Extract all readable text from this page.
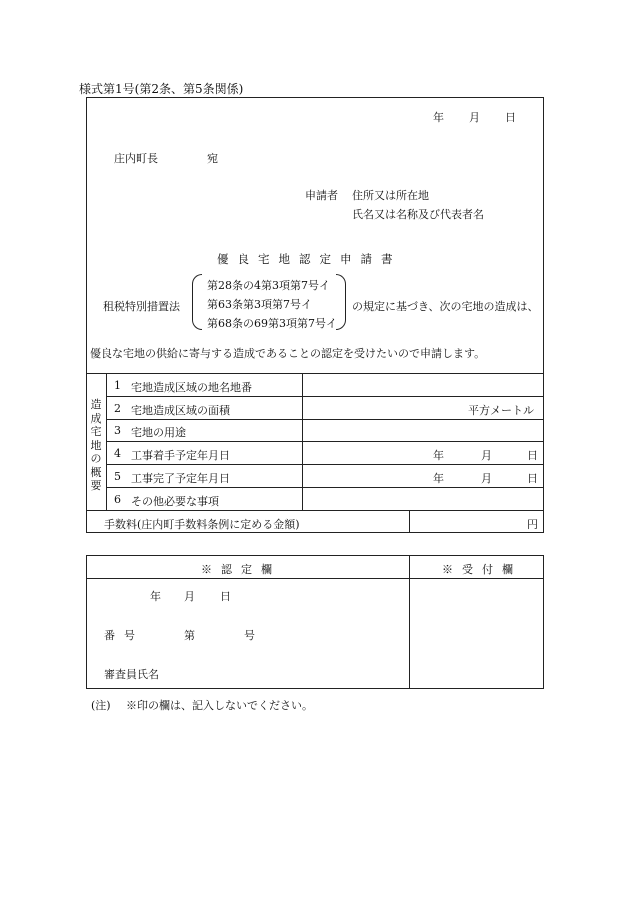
様式第1号(第2条、第5条関係)
年 月 日
庄内町長	宛
申請者 住所又は所在地
氏名又は名称及び代表者名
優良宅地認定申請書
租税特別措置法
第28条の4第3項第7号イ
第63条第3項第7号イ
第68条の69第3項第7号イ
の規定に基づき、次の宅地の造成は、
優良な宅地の供給に寄与する造成であることの認定を受けたいので申請します。
造成宅地の概要
1 宅地造成区域の地名地番
2 宅地造成区域の面積	平方メートル
3 宅地の用途
4 工事着手予定年月日	年	月	日
5 工事完了予定年月日	年	月	日
6 その他必要な事項
手数料(庄内町手数料条例に定める金額)	円
※認定欄	※受付欄
年 月 日
番号	第	号
審査員氏名
(注) ※印の欄は、記入しないでください。
